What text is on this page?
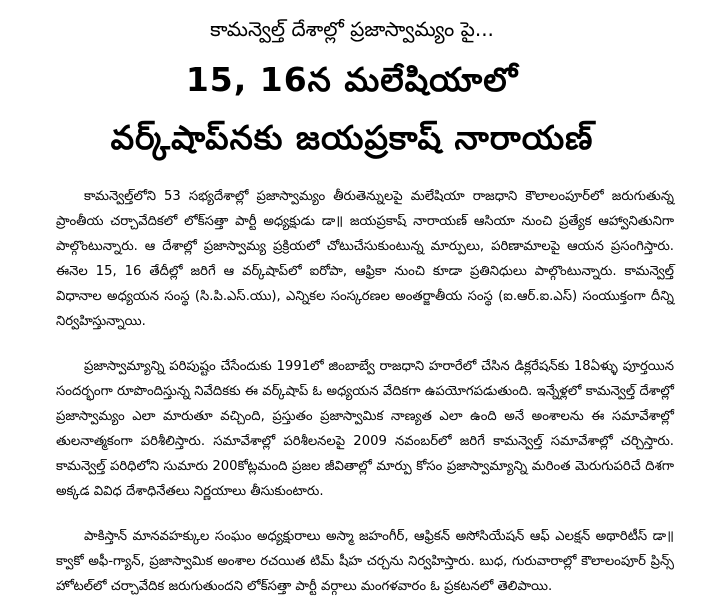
కామన్వెల్త్ దేశాల్లో ప్రజాస్వామ్యం పై...
15, 16న మలేషియాలో
వర్క్‌షాప్‌నకు జయప్రకాష్ నారాయణ్

కామన్వెల్త్‌లోని 53 సభ్యదేశాల్లో ప్రజాస్వామ్యం తీరుతెన్నులపై మలేషియా రాజధాని కౌలాలంపూర్‌లో జరుగుతున్న ప్రాంతీయ చర్చావేదికలో లోక్‌సత్తా పార్టీ అధ్యక్షుడు డా॥ జయప్రకాష్ నారాయణ్ ఆసియా నుంచి ప్రత్యేక ఆహ్వానితునిగా పాల్గొంటున్నారు. ఆ దేశాల్లో ప్రజాస్వామ్య ప్రక్రియలో చోటుచేసుకుంటున్న మార్పులు, పరిణామాలపై ఆయన ప్రసంగిస్తారు. ఈనెల 15, 16 తేదీల్లో జరిగే ఆ వర్క్‌షాప్‌లో ఐరోపా, ఆఫ్రికా నుంచి కూడా ప్రతినిధులు పాల్గొంటున్నారు. కామన్వెల్త్ విధానాల అధ్యయన సంస్థ (సి.పి.ఎస్.యు), ఎన్నికల సంస్కరణల అంతర్జాతీయ సంస్థ (ఐ.ఆర్.ఐ.ఎస్) సంయుక్తంగా దీన్ని నిర్వహిస్తున్నాయి.

ప్రజాస్వామ్యాన్ని పరిపుష్టం చేసేందుకు 1991లో జింబాబ్వే రాజధాని హరారేలో చేసిన డిక్లరేషన్‌కు 18ఏళ్ళు పూర్తయిన సందర్భంగా రూపొందిస్తున్న నివేదికకు ఈ వర్క్‌షాప్ ఓ అధ్యయన వేదికగా ఉపయోగపడుతుంది. ఇన్నేళ్లలో కామన్వెల్త్ దేశాల్లో ప్రజాస్వామ్యం ఎలా మారుతూ వచ్చింది, ప్రస్తుతం ప్రజాస్వామిక నాణ్యత ఎలా ఉంది అనే అంశాలను ఈ సమావేశాల్లో తులనాత్మకంగా పరిశీలిస్తారు. సమావేశాల్లో పరిశీలనలపై 2009 నవంబర్‌లో జరిగే కామన్వెల్త్ సమావేశాల్లో చర్చిస్తారు. కామన్వెల్త్ పరిధిలోని సుమారు 200కోట్లమంది ప్రజల జీవితాల్లో మార్పు కోసం ప్రజాస్వామ్యాన్ని మరింత మెరుగుపరిచే దిశగా అక్కడ వివిధ దేశాధినేతలు నిర్ణయాలు తీసుకుంటారు.

పాకిస్తాన్ మానవహక్కుల సంఘం అధ్యక్షురాలు అస్మా జహంగీర్, ఆఫ్రికన్ అసోసియేషన్ ఆఫ్ ఎలక్షన్ అథారిటీస్ డా॥ క్వాకో అఫీ-గ్యాన్, ప్రజాస్వామిక అంశాల రచయిత టిమ్ షీహ చర్చను నిర్వహిస్తారు. బుధ, గురువారాల్లో కౌలాలంపూర్ ప్రిన్స్ హోటల్‌లో చర్చావేదిక జరుగుతుందని లోక్‌సత్తా పార్టీ వర్గాలు మంగళవారం ఓ ప్రకటనలో తెలిపాయి.
